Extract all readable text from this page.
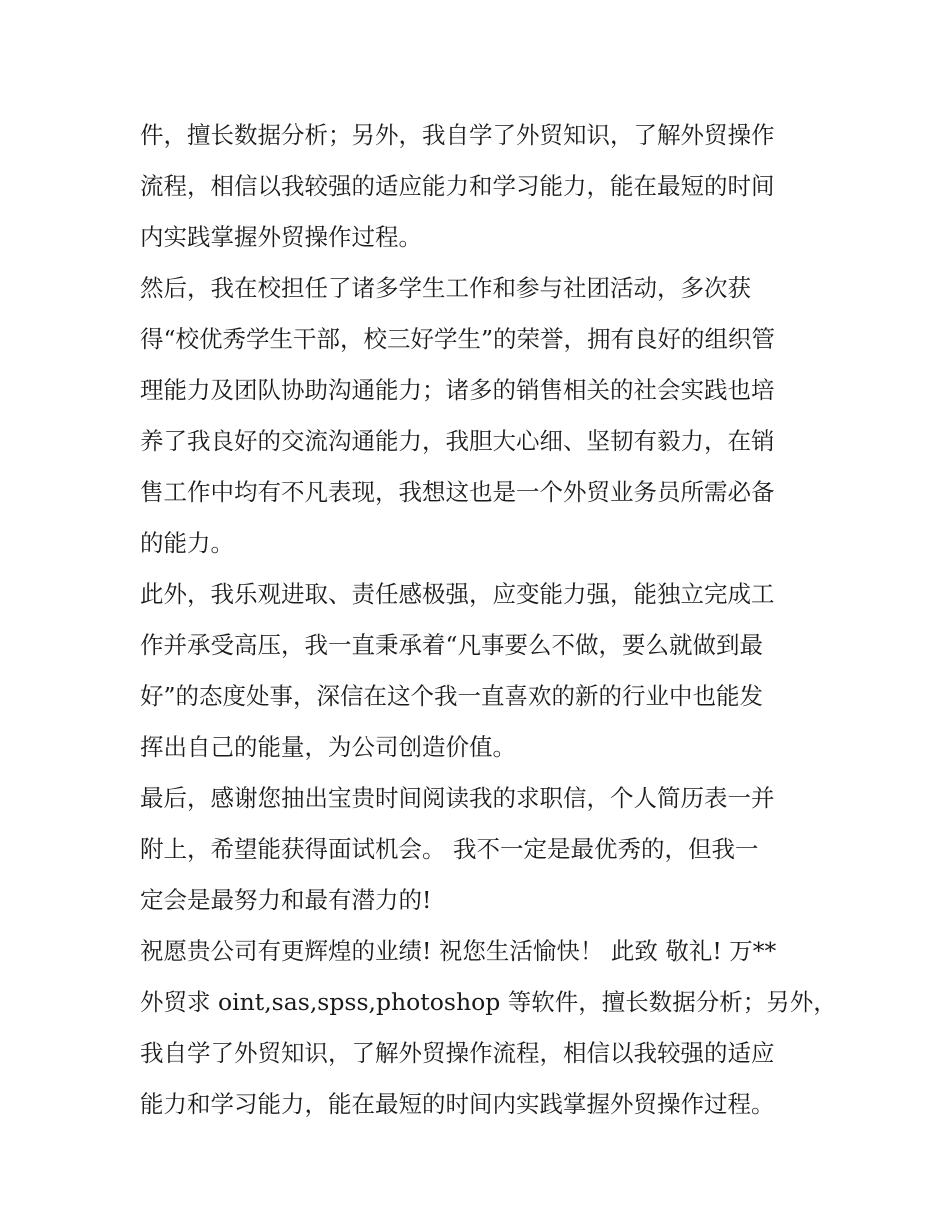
件，擅长数据分析；另外，我自学了外贸知识，了解外贸操作
流程，相信以我较强的适应能力和学习能力，能在最短的时间
内实践掌握外贸操作过程。
然后，我在校担任了诸多学生工作和参与社团活动，多次获
得“校优秀学生干部，校三好学生”的荣誉，拥有良好的组织管
理能力及团队协助沟通能力；诸多的销售相关的社会实践也培
养了我良好的交流沟通能力，我胆大心细、坚韧有毅力，在销
售工作中均有不凡表现，我想这也是一个外贸业务员所需必备
的能力。
此外，我乐观进取、责任感极强，应变能力强，能独立完成工
作并承受高压，我一直秉承着“凡事要么不做，要么就做到最
好”的态度处事，深信在这个我一直喜欢的新的行业中也能发
挥出自己的能量，为公司创造价值。
最后，感谢您抽出宝贵时间阅读我的求职信，个人简历表一并
附上，希望能获得面试机会。 我不一定是最优秀的，但我一
定会是最努力和最有潜力的!
祝愿贵公司有更辉煌的业绩! 祝您生活愉快！ 此致 敬礼! 万**
外贸求 oint,sas,spss,photoshop 等软件，擅长数据分析；另外，
我自学了外贸知识，了解外贸操作流程，相信以我较强的适应
能力和学习能力，能在最短的时间内实践掌握外贸操作过程。
